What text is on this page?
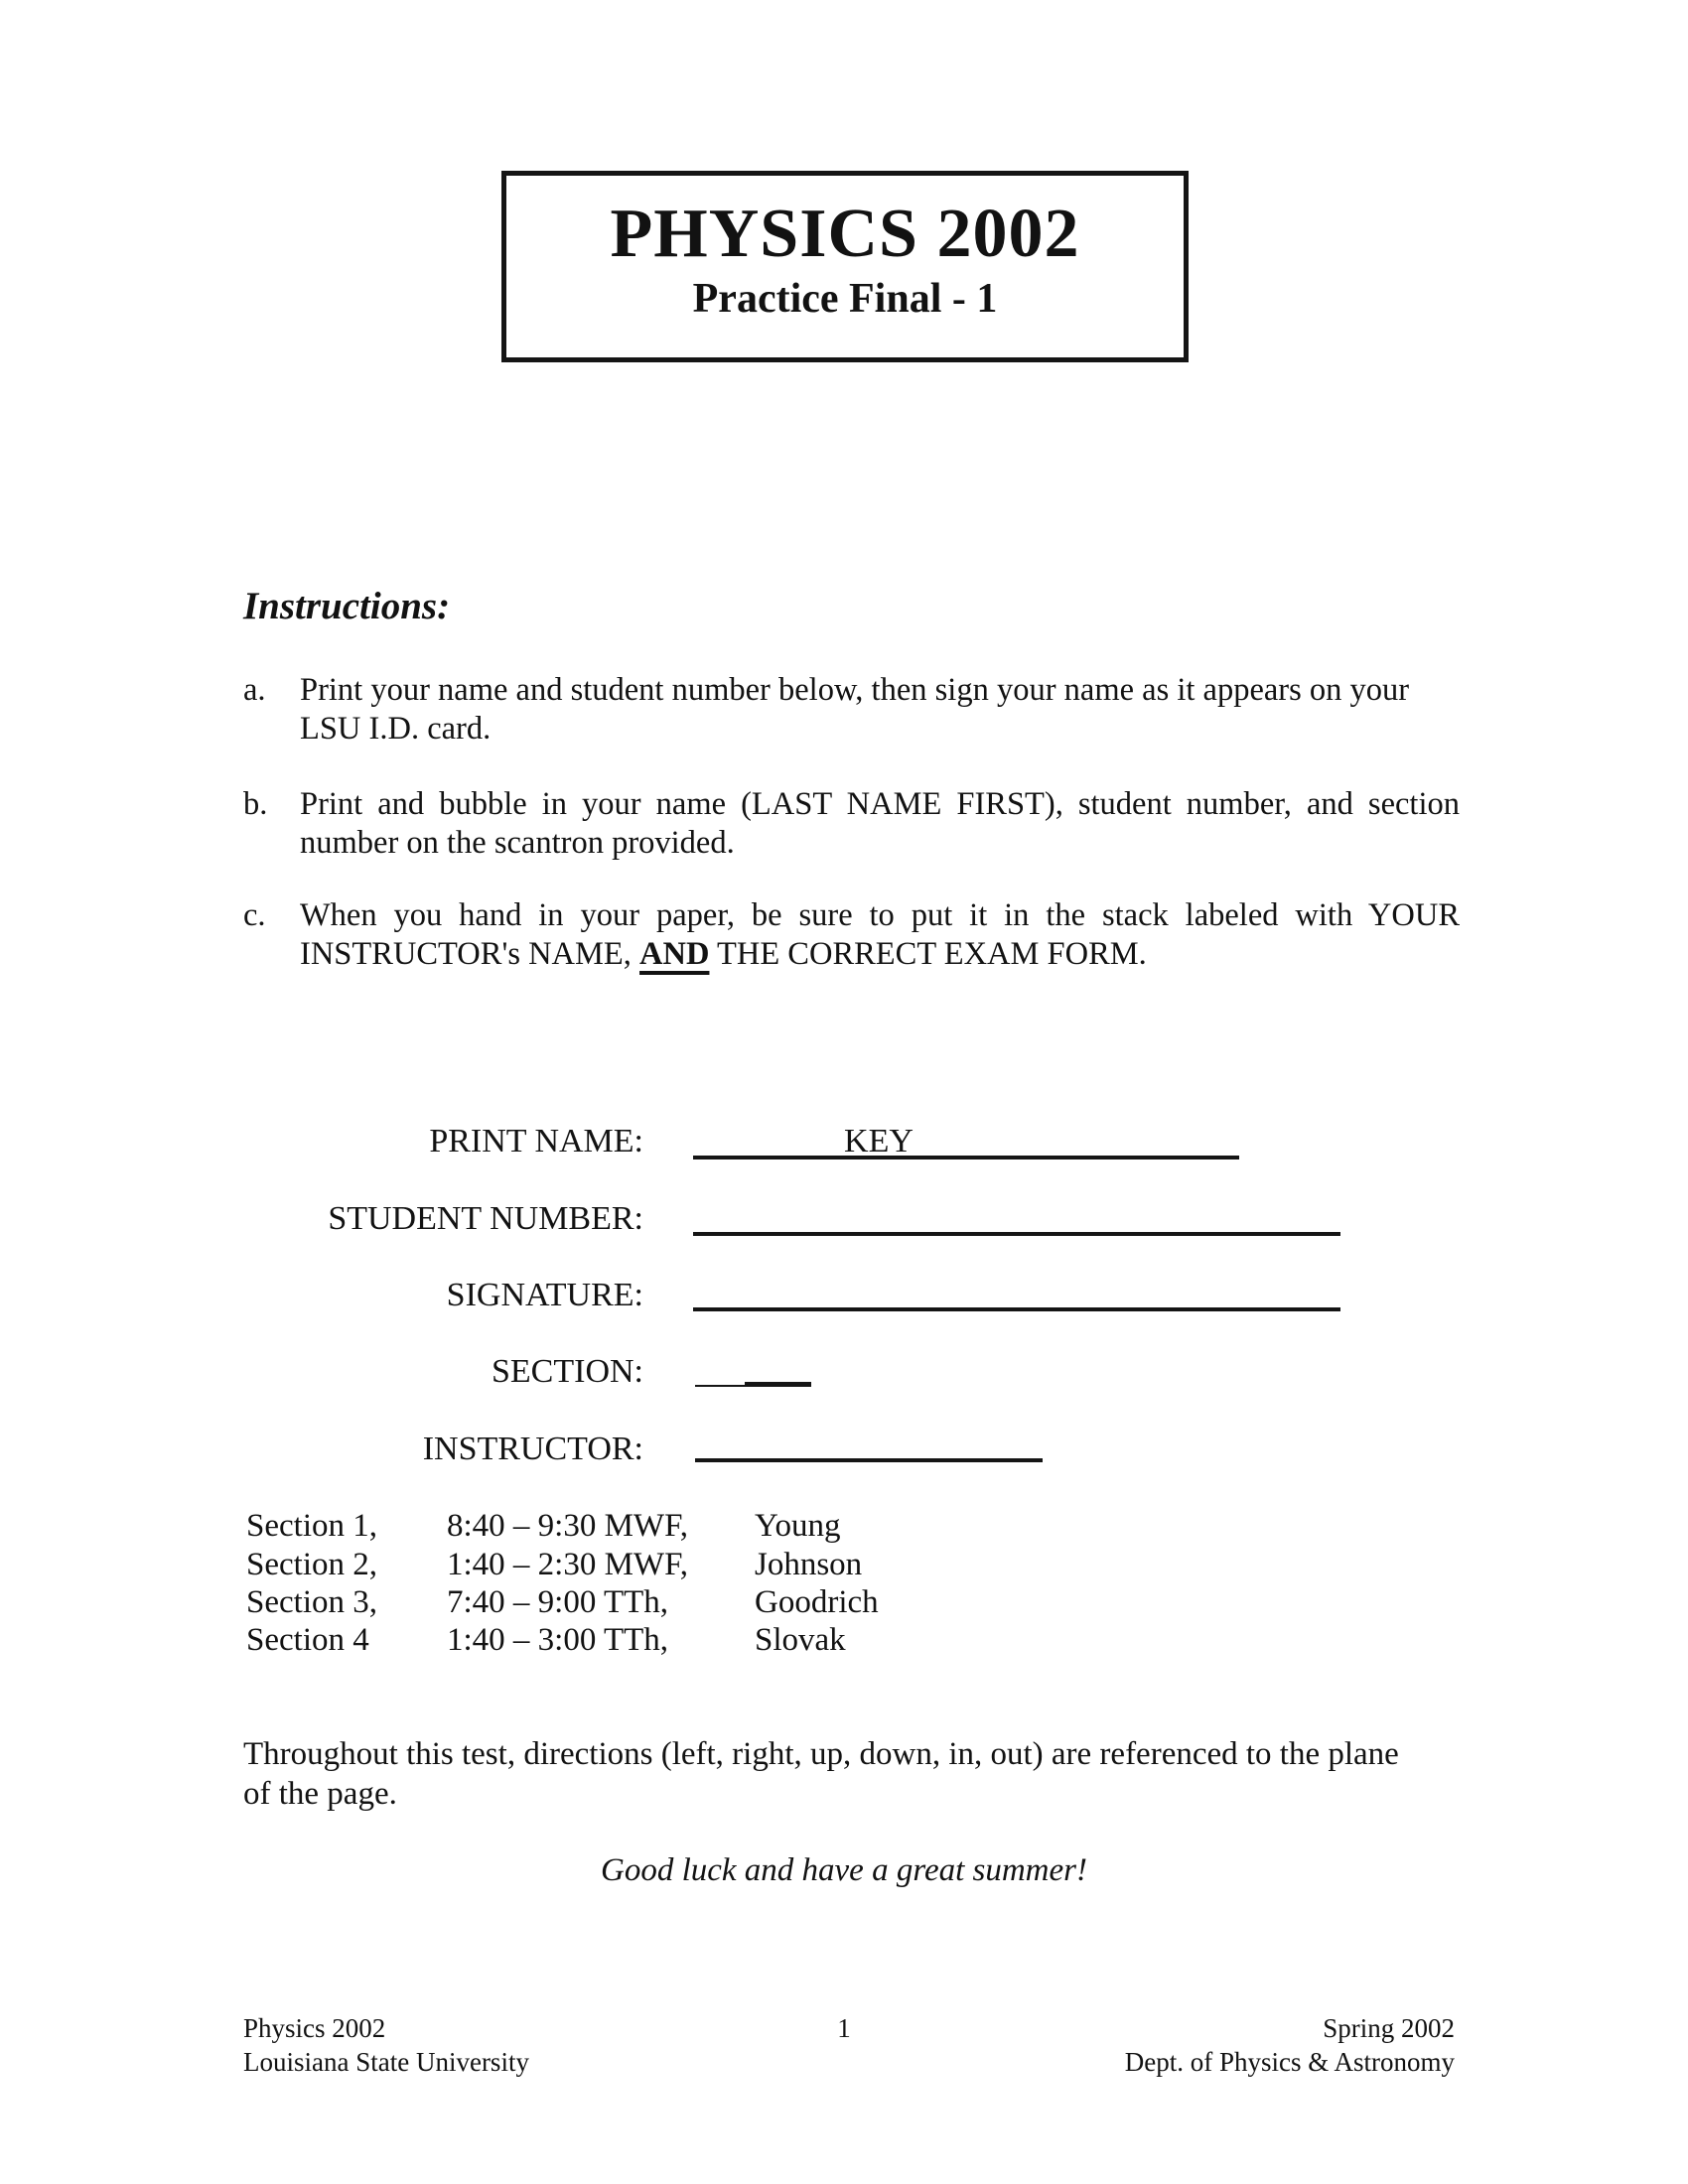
PHYSICS 2002
Practice Final - 1
Instructions:
a.	Print your name and student number below, then sign your name as it appears on your
LSU I.D. card.
b.	Print and bubble in your name (LAST NAME FIRST), student number, and section
number on the scantron provided.
c.	When you hand in your paper, be sure to put it in the stack labeled with YOUR
INSTRUCTOR's NAME, AND THE CORRECT EXAM FORM.
PRINT NAME:	KEY
STUDENT NUMBER:
SIGNATURE:
SECTION:
INSTRUCTOR:
Section 1,	8:40 – 9:30 MWF,	Young
Section 2,	1:40 – 2:30 MWF,	Johnson
Section 3,	7:40 – 9:00 TTh,	Goodrich
Section 4	1:40 – 3:00 TTh,	Slovak
Throughout this test, directions (left, right, up, down, in, out) are referenced to the plane
of the page.
Good luck and have a great summer!
Physics 2002
Louisiana State University
1	Spring 2002
Dept. of Physics & Astronomy
